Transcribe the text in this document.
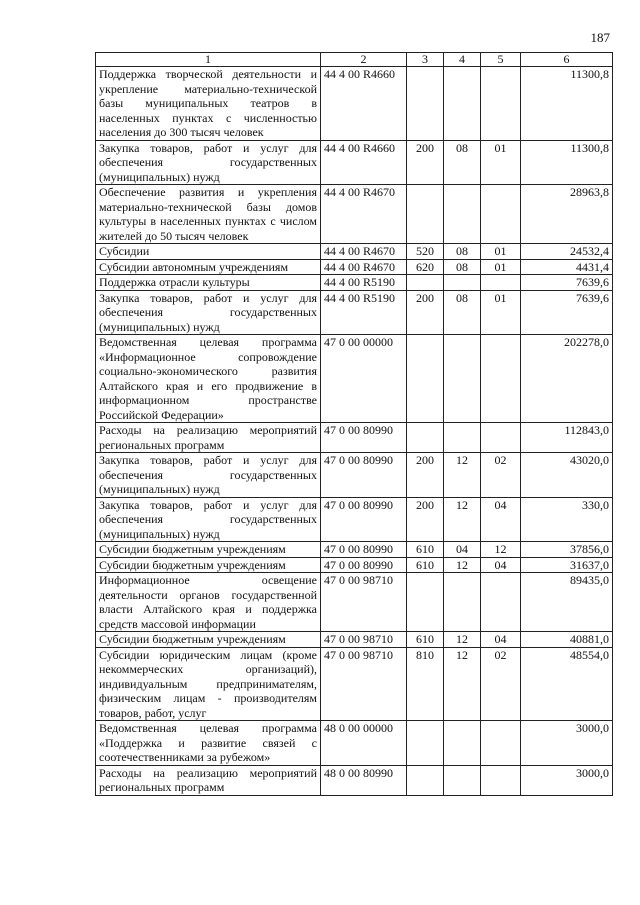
187
1	2	3	4	5	6
Поддержка творческой деятельности и укрепление материально-технической базы муниципальных театров в населенных пунктах с численностью населения до 300 тысяч человек	44 4 00 R4660				11300,8
Закупка товаров, работ и услуг для обеспечения государственных (муниципальных) нужд	44 4 00 R4660	200	08	01	11300,8
Обеспечение развития и укрепления материально-технической базы домов культуры в населенных пунктах с числом жителей до 50 тысяч человек	44 4 00 R4670				28963,8
Субсидии	44 4 00 R4670	520	08	01	24532,4
Субсидии автономным учреждениям	44 4 00 R4670	620	08	01	4431,4
Поддержка отрасли культуры	44 4 00 R5190				7639,6
Закупка товаров, работ и услуг для обеспечения государственных (муниципальных) нужд	44 4 00 R5190	200	08	01	7639,6
Ведомственная целевая программа «Информационное сопровождение социально-экономического развития Алтайского края и его продвижение в информационном пространстве Российской Федерации»	47 0 00 00000				202278,0
Расходы на реализацию мероприятий региональных программ	47 0 00 80990				112843,0
Закупка товаров, работ и услуг для обеспечения государственных (муниципальных) нужд	47 0 00 80990	200	12	02	43020,0
Закупка товаров, работ и услуг для обеспечения государственных (муниципальных) нужд	47 0 00 80990	200	12	04	330,0
Субсидии бюджетным учреждениям	47 0 00 80990	610	04	12	37856,0
Субсидии бюджетным учреждениям	47 0 00 80990	610	12	04	31637,0
Информационное освещение деятельности органов государственной власти Алтайского края и поддержка средств массовой информации	47 0 00 98710				89435,0
Субсидии бюджетным учреждениям	47 0 00 98710	610	12	04	40881,0
Субсидии юридическим лицам (кроме некоммерческих организаций), индивидуальным предпринимателям, физическим лицам - производителям товаров, работ, услуг	47 0 00 98710	810	12	02	48554,0
Ведомственная целевая программа «Поддержка и развитие связей с соотечественниками за рубежом»	48 0 00 00000				3000,0
Расходы на реализацию мероприятий региональных программ	48 0 00 80990				3000,0
